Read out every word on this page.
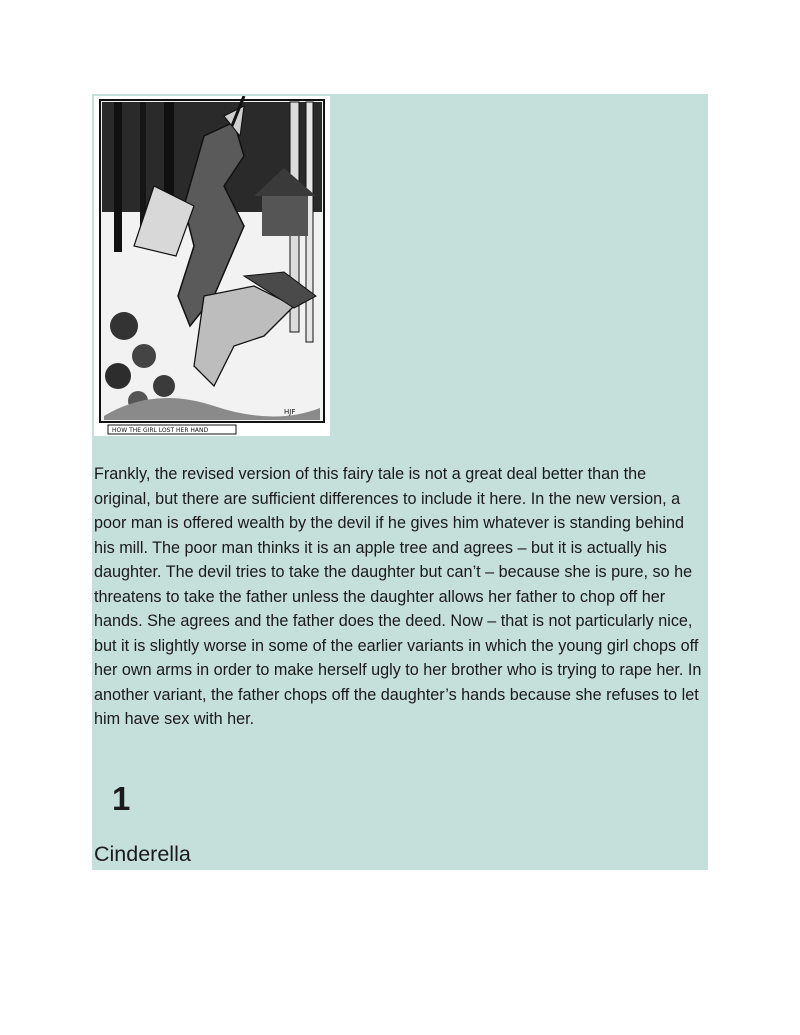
HJF
HOW THE GIRL LOST HER HAND

Frankly, the revised version of this fairy tale is not a great deal better than the original, but there are sufficient differences to include it here. In the new version, a poor man is offered wealth by the devil if he gives him whatever is standing behind his mill. The poor man thinks it is an apple tree and agrees – but it is actually his daughter. The devil tries to take the daughter but can’t – because she is pure, so he threatens to take the father unless the daughter allows her father to chop off her hands. She agrees and the father does the deed. Now – that is not particularly nice, but it is slightly worse in some of the earlier variants in which the young girl chops off her own arms in order to make herself ugly to her brother who is trying to rape her. In another variant, the father chops off the daughter’s hands because she refuses to let him have sex with her.

1
Cinderella
